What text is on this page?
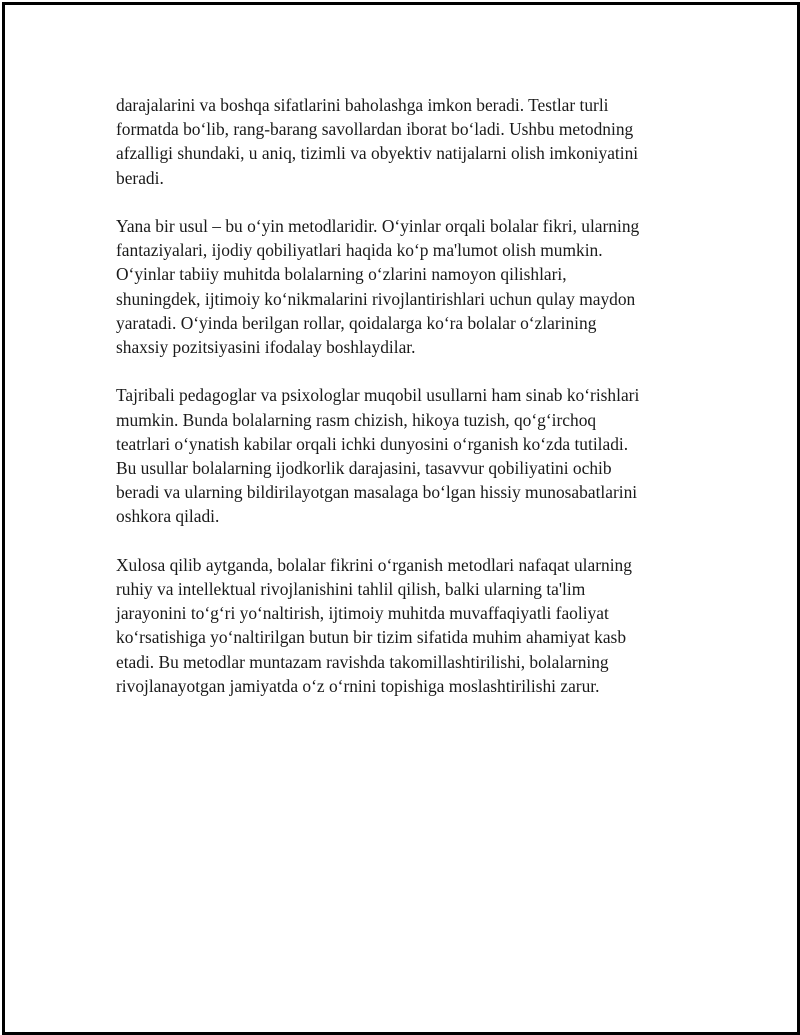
darajalarini va boshqa sifatlarini baholashga imkon beradi. Testlar turli
formatda bo‘lib, rang-barang savollardan iborat bo‘ladi. Ushbu metodning
afzalligi shundaki, u aniq, tizimli va obyektiv natijalarni olish imkoniyatini
beradi.

Yana bir usul – bu o‘yin metodlaridir. O‘yinlar orqali bolalar fikri, ularning
fantaziyalari, ijodiy qobiliyatlari haqida ko‘p ma'lumot olish mumkin.
O‘yinlar tabiiy muhitda bolalarning o‘zlarini namoyon qilishlari,
shuningdek, ijtimoiy ko‘nikmalarini rivojlantirishlari uchun qulay maydon
yaratadi. O‘yinda berilgan rollar, qoidalarga ko‘ra bolalar o‘zlarining
shaxsiy pozitsiyasini ifodalay boshlaydilar.

Tajribali pedagoglar va psixologlar muqobil usullarni ham sinab ko‘rishlari
mumkin. Bunda bolalarning rasm chizish, hikoya tuzish, qo‘g‘irchoq
teatrlari o‘ynatish kabilar orqali ichki dunyosini o‘rganish ko‘zda tutiladi.
Bu usullar bolalarning ijodkorlik darajasini, tasavvur qobiliyatini ochib
beradi va ularning bildirilayotgan masalaga bo‘lgan hissiy munosabatlarini
oshkora qiladi.

Xulosa qilib aytganda, bolalar fikrini o‘rganish metodlari nafaqat ularning
ruhiy va intellektual rivojlanishini tahlil qilish, balki ularning ta'lim
jarayonini to‘g‘ri yo‘naltirish, ijtimoiy muhitda muvaffaqiyatli faoliyat
ko‘rsatishiga yo‘naltirilgan butun bir tizim sifatida muhim ahamiyat kasb
etadi. Bu metodlar muntazam ravishda takomillashtirilishi, bolalarning
rivojlanayotgan jamiyatda o‘z o‘rnini topishiga moslashtirilishi zarur.
